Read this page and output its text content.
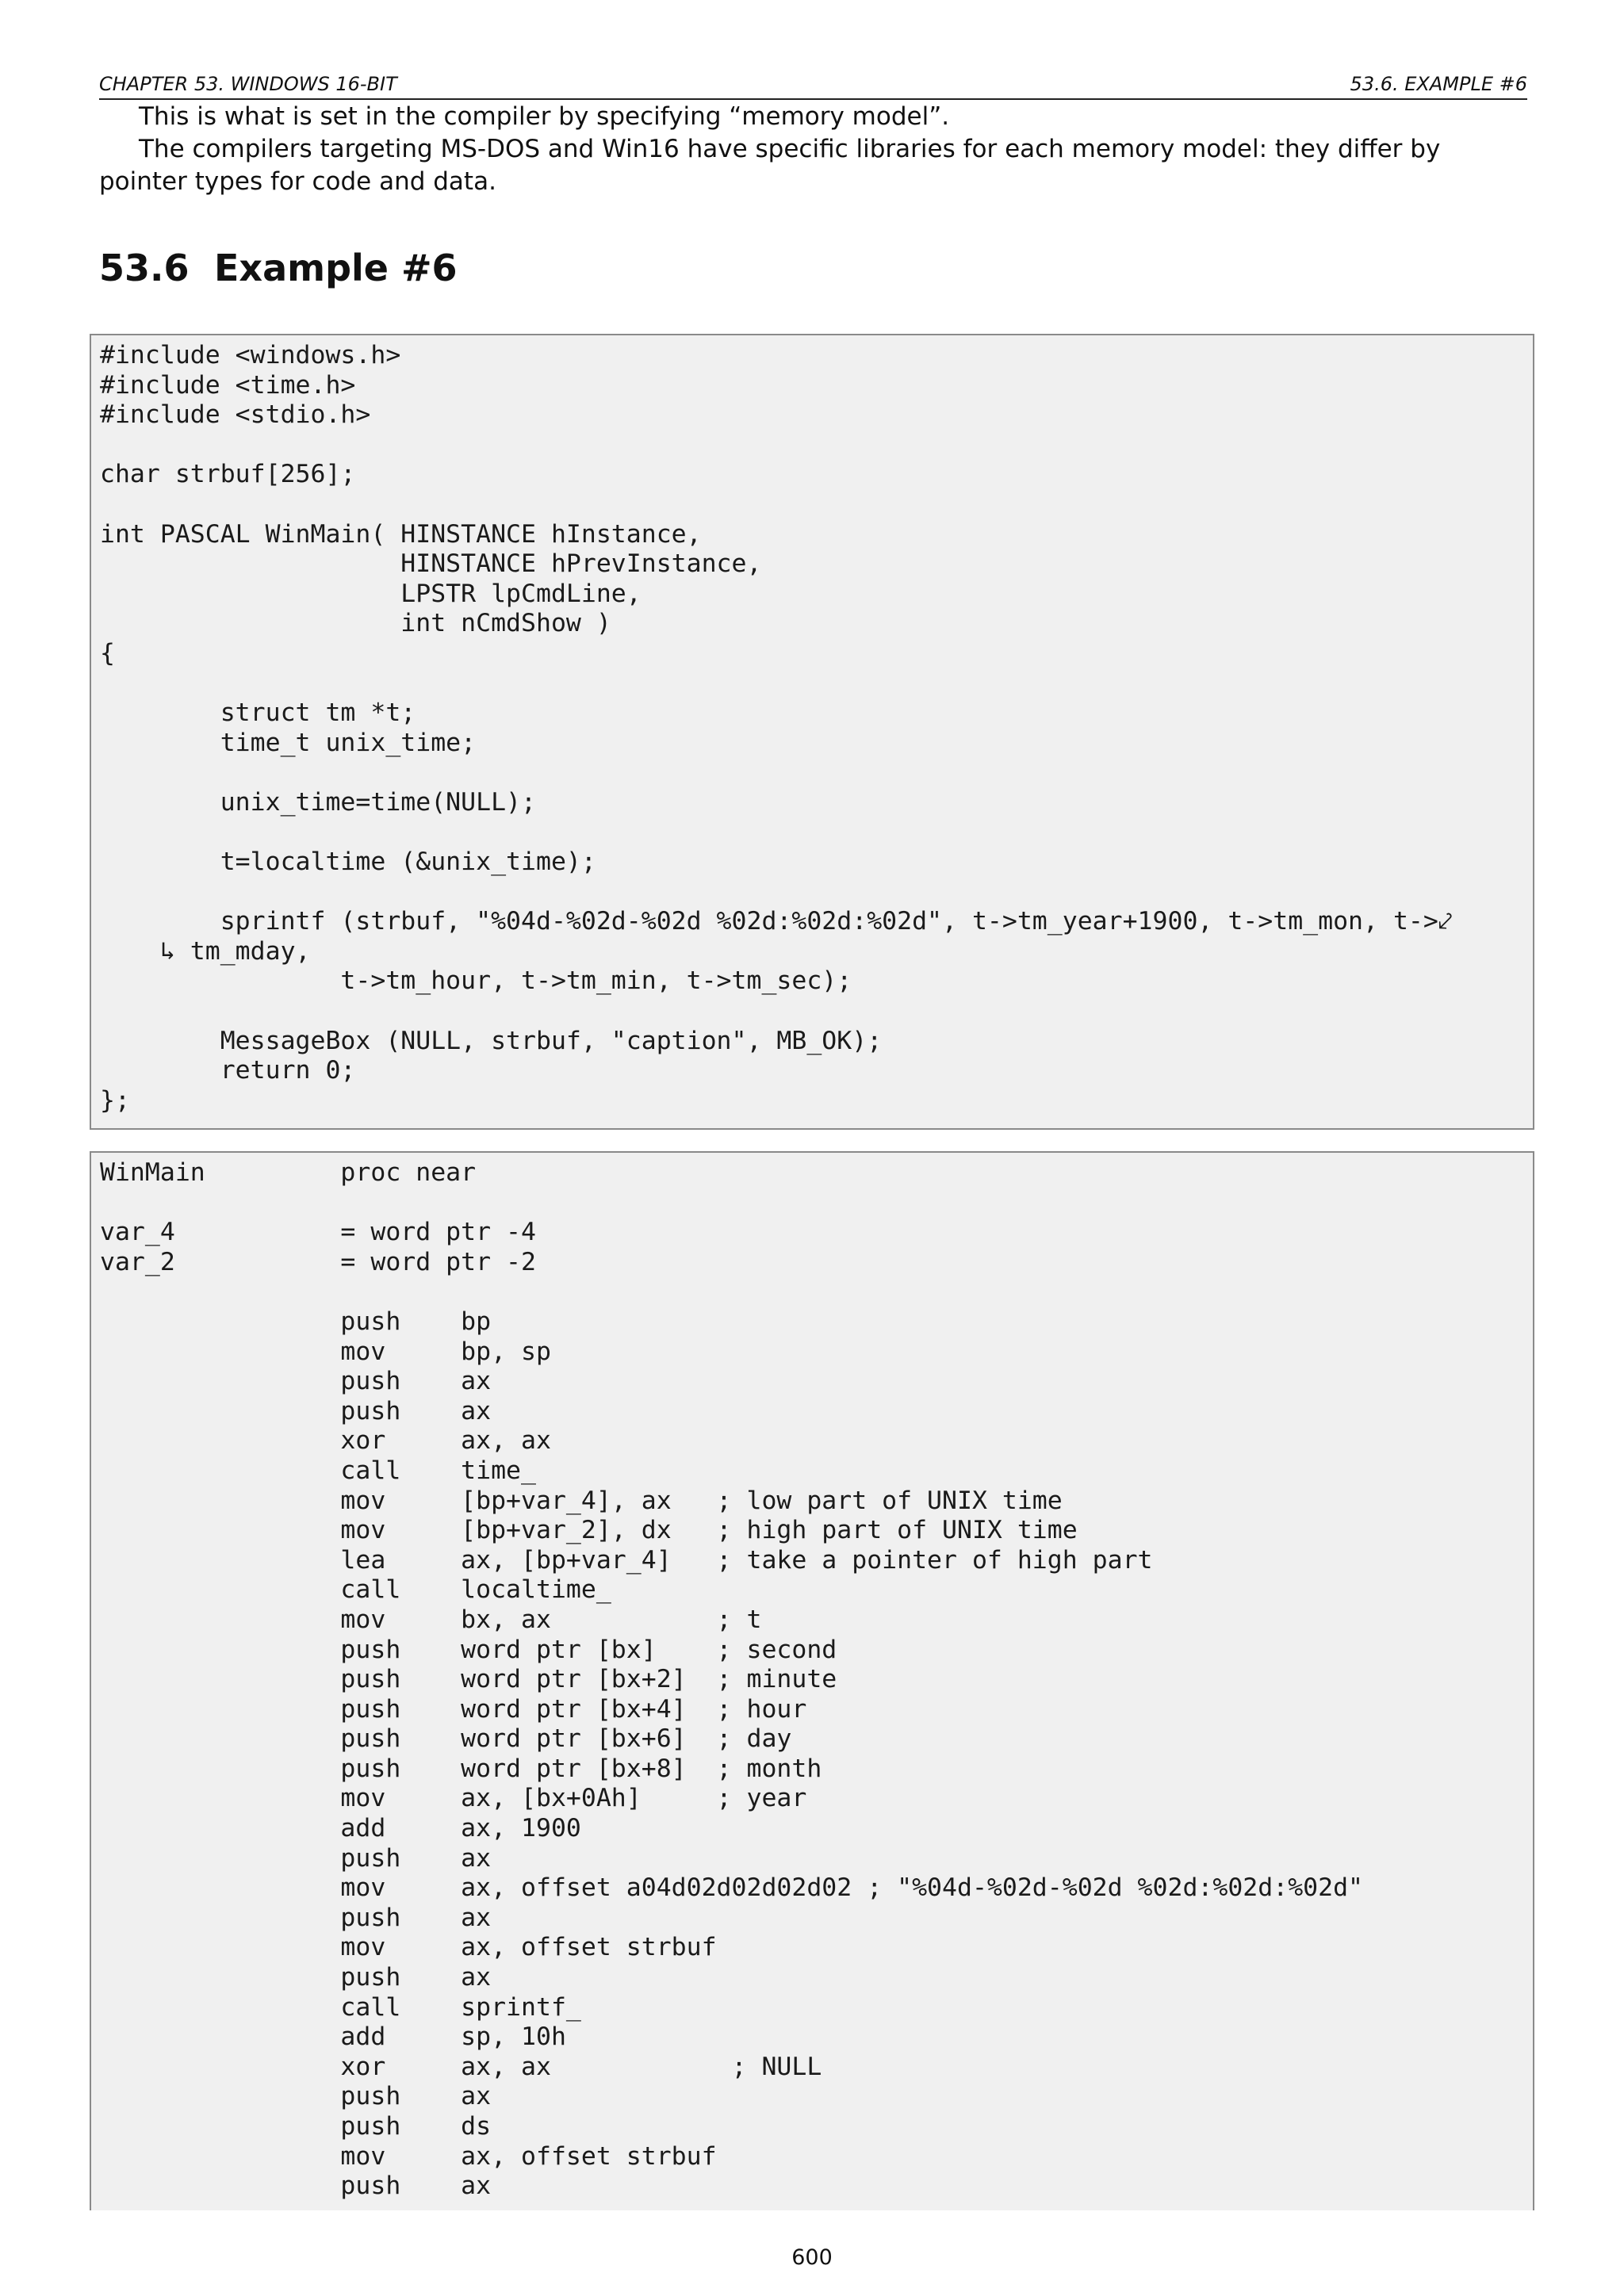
CHAPTER 53. WINDOWS 16-BIT	53.6. EXAMPLE #6

This is what is set in the compiler by specifying “memory model”.

The compilers targeting MS-DOS and Win16 have specific libraries for each memory model: they differ by pointer types for code and data.

53.6 Example #6
#include <windows.h>
#include <time.h>
#include <stdio.h>

char strbuf[256];

int PASCAL WinMain( HINSTANCE hInstance,
HINSTANCE hPrevInstance,
LPSTR lpCmdLine,
int nCmdShow )
{

struct tm *t;
time_t unix_time;

unix_time=time(NULL);

t=localtime (&unix_time);

sprintf (strbuf, "%04d-%02d-%02d %02d:%02d:%02d", t->tm_year+1900, t->tm_mon, t->⤦
↳ tm_mday,
t->tm_hour, t->tm_min, t->tm_sec);

MessageBox (NULL, strbuf, "caption", MB_OK);
return 0;
};
WinMain         proc near

var_4           = word ptr -4
var_2           = word ptr -2

push    bp
mov     bp, sp
push    ax
push    ax
xor     ax, ax
call    time_
mov     [bp+var_4], ax   ; low part of UNIX time
mov     [bp+var_2], dx   ; high part of UNIX time
lea     ax, [bp+var_4]   ; take a pointer of high part
call    localtime_
mov     bx, ax           ; t
push    word ptr [bx]    ; second
push    word ptr [bx+2]  ; minute
push    word ptr [bx+4]  ; hour
push    word ptr [bx+6]  ; day
push    word ptr [bx+8]  ; month
mov     ax, [bx+0Ah]     ; year
add     ax, 1900
push    ax
mov     ax, offset a04d02d02d02d02 ; "%04d-%02d-%02d %02d:%02d:%02d"
push    ax
mov     ax, offset strbuf
push    ax
call    sprintf_
add     sp, 10h
xor     ax, ax            ; NULL
push    ax
push    ds
mov     ax, offset strbuf
push    ax
600
